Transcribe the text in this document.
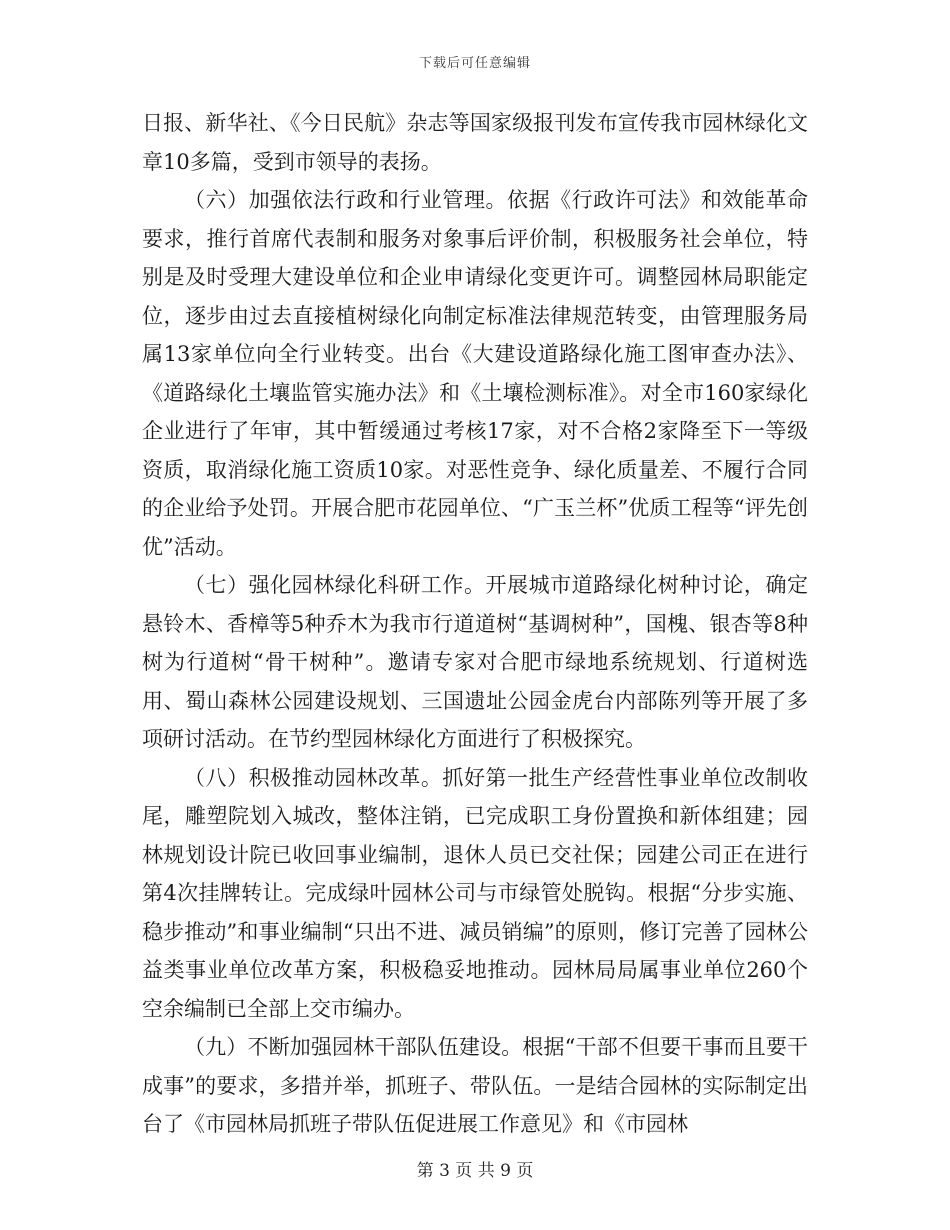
下载后可任意编辑

日报、新华社、《今日民航》杂志等国家级报刊发布宣传我市园林绿化文章10多篇，受到市领导的表扬。

（六）加强依法行政和行业管理。依据《行政许可法》和效能革命要求，推行首席代表制和服务对象事后评价制，积极服务社会单位，特别是及时受理大建设单位和企业申请绿化变更许可。调整园林局职能定位，逐步由过去直接植树绿化向制定标准法律规范转变，由管理服务局属13家单位向全行业转变。出台《大建设道路绿化施工图审查办法》、《道路绿化土壤监管实施办法》和《土壤检测标准》。对全市160家绿化企业进行了年审，其中暂缓通过考核17家，对不合格2家降至下一等级资质，取消绿化施工资质10家。对恶性竞争、绿化质量差、不履行合同的企业给予处罚。开展合肥市花园单位、“广玉兰杯”优质工程等“评先创优”活动。

（七）强化园林绿化科研工作。开展城市道路绿化树种讨论，确定悬铃木、香樟等5种乔木为我市行道道树“基调树种”，国槐、银杏等8种树为行道树“骨干树种”。邀请专家对合肥市绿地系统规划、行道树选用、蜀山森林公园建设规划、三国遗址公园金虎台内部陈列等开展了多项研讨活动。在节约型园林绿化方面进行了积极探究。

（八）积极推动园林改革。抓好第一批生产经营性事业单位改制收尾，雕塑院划入城改，整体注销，已完成职工身份置换和新体组建；园林规划设计院已收回事业编制，退休人员已交社保；园建公司正在进行第4次挂牌转让。完成绿叶园林公司与市绿管处脱钩。根据“分步实施、稳步推动”和事业编制“只出不进、减员销编”的原则，修订完善了园林公益类事业单位改革方案，积极稳妥地推动。园林局局属事业单位260个空余编制已全部上交市编办。

（九）不断加强园林干部队伍建设。根据“干部不但要干事而且要干成事”的要求，多措并举，抓班子、带队伍。一是结合园林的实际制定出台了《市园林局抓班子带队伍促进展工作意见》和《市园林

第 3 页 共 9 页
